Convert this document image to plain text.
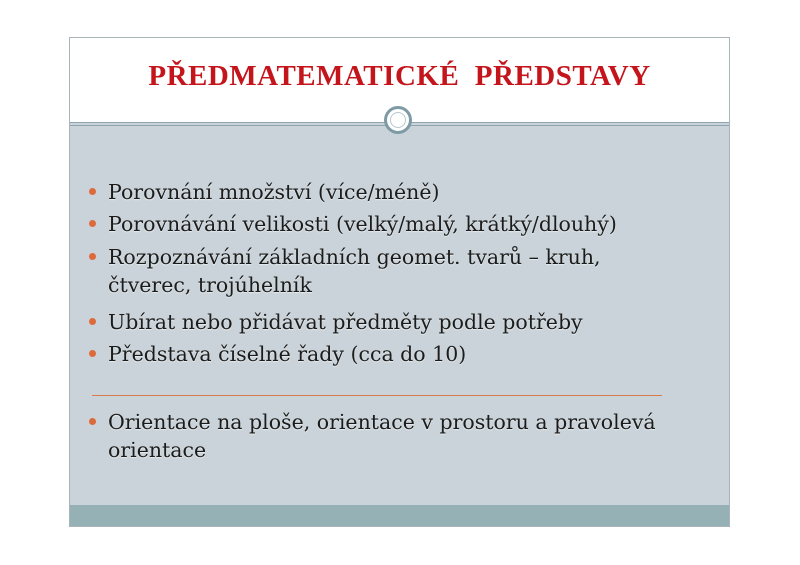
PŘEDMATEMATICKÉ  PŘEDSTAVY
Porovnání množství (více/méně)
Porovnávání velikosti (velký/malý, krátký/dlouhý)
Rozpoznávání základních geomet. tvarů – kruh, čtverec, trojúhelník
Ubírat nebo přidávat předměty podle potřeby
Představa číselné řady (cca do 10)
Orientace na ploše, orientace v prostoru a pravolevá orientace
